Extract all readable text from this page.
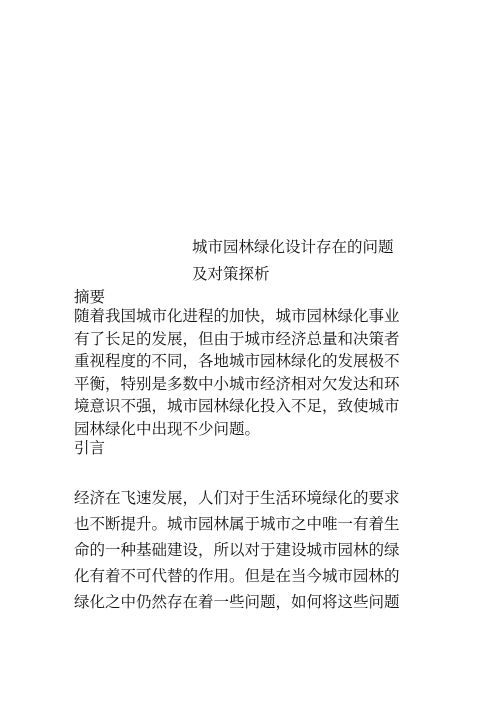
城市园林绿化设计存在的问题
及对策探析
摘要
随着我国城市化进程的加快，城市园林绿化事业
有了长足的发展，但由于城市经济总量和决策者
重视程度的不同，各地城市园林绿化的发展极不
平衡，特别是多数中小城市经济相对欠发达和环
境意识不强，城市园林绿化投入不足，致使城市
园林绿化中出现不少问题。
引言
经济在飞速发展，人们对于生活环境绿化的要求
也不断提升。城市园林属于城市之中唯一有着生
命的一种基础建设，所以对于建设城市园林的绿
化有着不可代替的作用。但是在当今城市园林的
绿化之中仍然存在着一些问题，如何将这些问题
